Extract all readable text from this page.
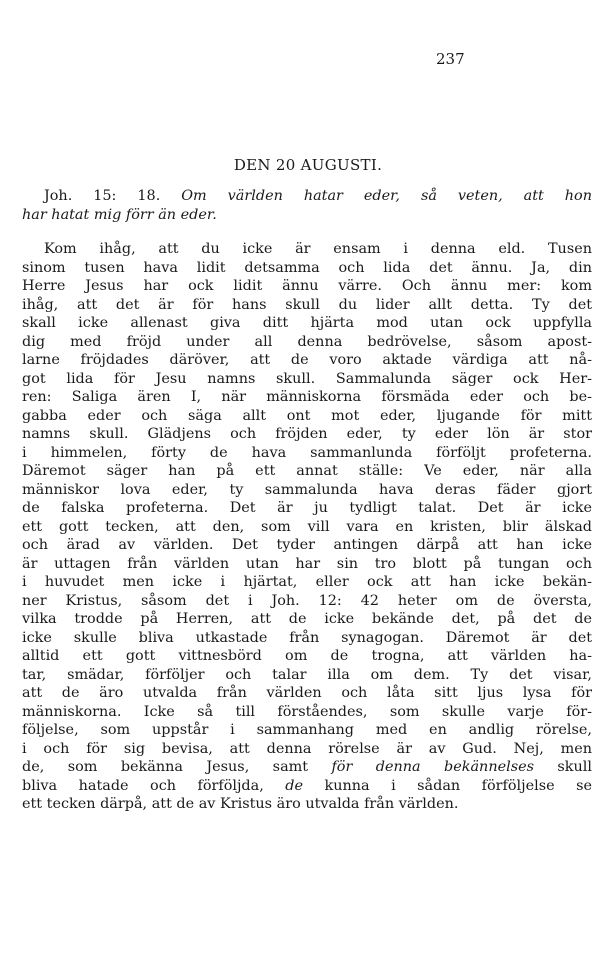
237
DEN 20 AUGUSTI.
Joh. 15: 18. Om världen hatar eder, så veten, att hon
har hatat mig förr än eder.
Kom ihåg, att du icke är ensam i denna eld. Tusen
sinom tusen hava lidit detsamma och lida det ännu. Ja, din
Herre Jesus har ock lidit ännu värre. Och ännu mer: kom
ihåg, att det är för hans skull du lider allt detta. Ty det
skall icke allenast giva ditt hjärta mod utan ock uppfylla
dig med fröjd under all denna bedrövelse, såsom apost-
larne fröjdades däröver, att de voro aktade värdiga att nå-
got lida för Jesu namns skull. Sammalunda säger ock Her-
ren: Saliga ären I, när människorna försmäda eder och be-
gabba eder och säga allt ont mot eder, ljugande för mitt
namns skull. Glädjens och fröjden eder, ty eder lön är stor
i himmelen, förty de hava sammanlunda förföljt profeterna.
Däremot säger han på ett annat ställe: Ve eder, när alla
människor lova eder, ty sammalunda hava deras fäder gjort
de falska profeterna. Det är ju tydligt talat. Det är icke
ett gott tecken, att den, som vill vara en kristen, blir älskad
och ärad av världen. Det tyder antingen därpå att han icke
är uttagen från världen utan har sin tro blott på tungan och
i huvudet men icke i hjärtat, eller ock att han icke bekän-
ner Kristus, såsom det i Joh. 12: 42 heter om de översta,
vilka trodde på Herren, att de icke bekände det, på det de
icke skulle bliva utkastade från synagogan. Däremot är det
alltid ett gott vittnesbörd om de trogna, att världen ha-
tar, smädar, förföljer och talar illa om dem. Ty det visar,
att de äro utvalda från världen och låta sitt ljus lysa för
människorna. Icke så till förståendes, som skulle varje för-
följelse, som uppstår i sammanhang med en andlig rörelse,
i och för sig bevisa, att denna rörelse är av Gud. Nej, men
de, som bekänna Jesus, samt för denna bekännelses skull
bliva hatade och förföljda, de kunna i sådan förföljelse se
ett tecken därpå, att de av Kristus äro utvalda från världen.
